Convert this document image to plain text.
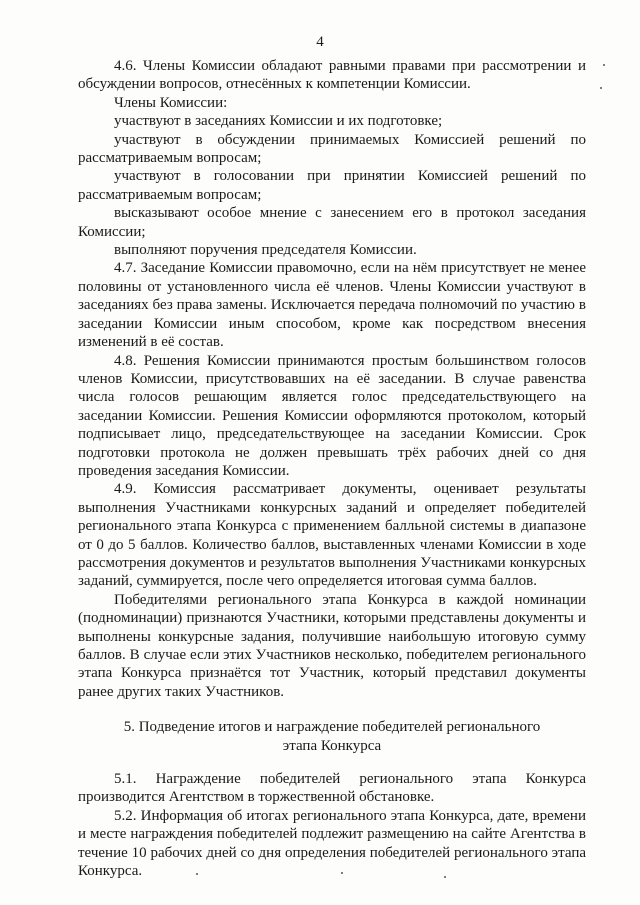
4

4.6. Члены Комиссии обладают равными правами при рассмотрении и обсуждении вопросов, отнесённых к компетенции Комиссии.

Члены Комиссии:

участвуют в заседаниях Комиссии и их подготовке;

участвуют в обсуждении принимаемых Комиссией решений по рассматриваемым вопросам;

участвуют в голосовании при принятии Комиссией решений по рассматриваемым вопросам;

высказывают особое мнение с занесением его в протокол заседания Комиссии;

выполняют поручения председателя Комиссии.

4.7. Заседание Комиссии правомочно, если на нём присутствует не менее половины от установленного числа её членов. Члены Комиссии участвуют в заседаниях без права замены. Исключается передача полномочий по участию в заседании Комиссии иным способом, кроме как посредством внесения изменений в её состав.

4.8. Решения Комиссии принимаются простым большинством голосов членов Комиссии, присутствовавших на её заседании. В случае равенства числа голосов решающим является голос председательствующего на заседании Комиссии. Решения Комиссии оформляются протоколом, который подписывает лицо, председательствующее на заседании Комиссии. Срок подготовки протокола не должен превышать трёх рабочих дней со дня проведения заседания Комиссии.

4.9. Комиссия рассматривает документы, оценивает результаты выполнения Участниками конкурсных заданий и определяет победителей регионального этапа Конкурса с применением балльной системы в диапазоне от 0 до 5 баллов. Количество баллов, выставленных членами Комиссии в ходе рассмотрения документов и результатов выполнения Участниками конкурсных заданий, суммируется, после чего определяется итоговая сумма баллов.

Победителями регионального этапа Конкурса в каждой номинации (подноминации) признаются Участники, которыми представлены документы и выполнены конкурсные задания, получившие наибольшую итоговую сумму баллов. В случае если этих Участников несколько, победителем регионального этапа Конкурса признаётся тот Участник, который представил документы ранее других таких Участников.

5. Подведение итогов и награждение победителей регионального этапа Конкурса

5.1. Награждение победителей регионального этапа Конкурса производится Агентством в торжественной обстановке.

5.2. Информация об итогах регионального этапа Конкурса, дате, времени и месте награждения победителей подлежит размещению на сайте Агентства в течение 10 рабочих дней со дня определения победителей регионального этапа Конкурса.
